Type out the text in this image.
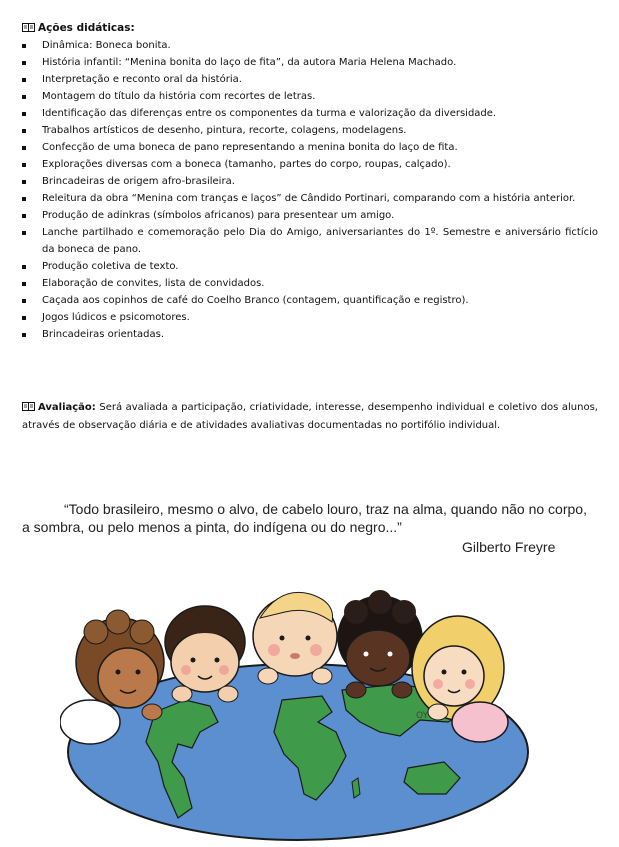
Ações didáticas:
Dinâmica: Boneca bonita.
História infantil: “Menina bonita do laço de fita”, da autora Maria Helena Machado.
Interpretação e reconto oral da história.
Montagem do título da história com recortes de letras.
Identificação das diferenças entre os componentes da turma e valorização da diversidade.
Trabalhos artísticos de desenho, pintura, recorte, colagens, modelagens.
Confecção de uma boneca de pano representando a menina bonita do laço de fita.
Explorações diversas com a boneca (tamanho, partes do corpo, roupas, calçado).
Brincadeiras de origem afro-brasileira.
Releitura da obra “Menina com tranças e laços” de Cândido Portinari, comparando com a história anterior.
Produção de adinkras (símbolos africanos) para presentear um amigo.
Lanche partilhado e comemoração pelo Dia do Amigo, aniversariantes do 1º. Semestre e aniversário fictício da boneca de pano.
Produção coletiva de texto.
Elaboração de convites, lista de convidados.
Caçada aos copinhos de café do Coelho Branco (contagem, quantificação e registro).
Jogos lúdicos e psicomotores.
Brincadeiras orientadas.
Avaliação: Será avaliada a participação, criatividade, interesse, desempenho individual e coletivo dos alunos, através de observação diária e de atividades avaliativas documentadas no portifólio individual.
“Todo brasileiro, mesmo o alvo, de cabelo louro, traz na alma, quando não no corpo, a sombra, ou pelo menos a pinta, do indígena ou do negro...”
Gilberto Freyre
OY
